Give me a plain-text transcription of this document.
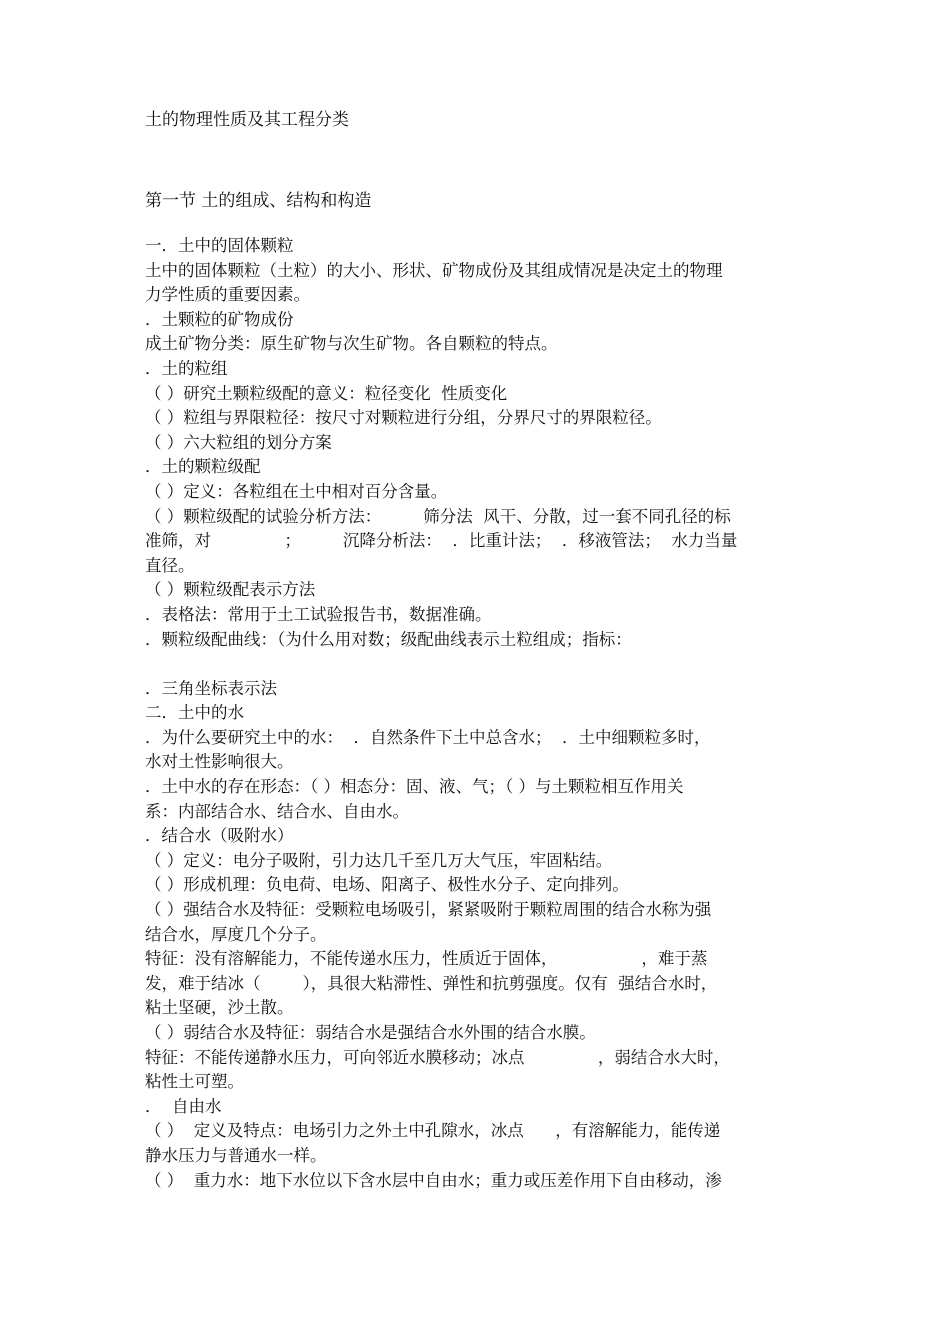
土的物理性质及其工程分类
第一节 土的组成、结构和构造

一．土中的固体颗粒

土中的固体颗粒（土粒）的大小、形状、矿物成份及其组成情况是决定土的物理

力学性质的重要因素。

．土颗粒的矿物成份

成土矿物分类：原生矿物与次生矿物。各自颗粒的特点。

．土的粒组

（ ）研究土颗粒级配的意义：粒径变化  性质变化

（ ）粒组与界限粒径：按尺寸对颗粒进行分组，分界尺寸的界限粒径。

（ ）六大粒组的划分方案

．土的颗粒级配

（ ）定义：各粒组在土中相对百分含量。

（ ）颗粒级配的试验分析方法：        筛分法  风干、分散，过一套不同孔径的标

准筛，对              ；        沉降分析法：  ．比重计法；  ．移液管法；  水力当量

直径。

（ ）颗粒级配表示方法

．表格法：常用于土工试验报告书，数据准确。

．颗粒级配曲线：（为什么用对数；级配曲线表示土粒组成；指标：

．三角坐标表示法

二．土中的水

．为什么要研究土中的水：  ．自然条件下土中总含水；  ．土中细颗粒多时，

水对土性影响很大。

．土中水的存在形态：（ ）相态分：固、液、气；（ ）与土颗粒相互作用关

系：内部结合水、结合水、自由水。

．结合水（吸附水）

（ ）定义：电分子吸附，引力达几千至几万大气压，牢固粘结。

（ ）形成机理：负电荷、电场、阳离子、极性水分子、定向排列。

（ ）强结合水及特征：受颗粒电场吸引，紧紧吸附于颗粒周围的结合水称为强

结合水，厚度几个分子。

特征：没有溶解能力，不能传递水压力，性质近于固体，                ，难于蒸

发，难于结冰（        ），具很大粘滞性、弹性和抗剪强度。仅有  强结合水时，

粘土坚硬，沙土散。

（ ）弱结合水及特征：弱结合水是强结合水外围的结合水膜。

特征：不能传递静水压力，可向邻近水膜移动；冰点              ，弱结合水大时，

粘性土可塑。

．  自由水

（ ）  定义及特点：电场引力之外土中孔隙水，冰点      ，有溶解能力，能传递

静水压力与普通水一样。

（ ）  重力水：地下水位以下含水层中自由水；重力或压差作用下自由移动，渗
